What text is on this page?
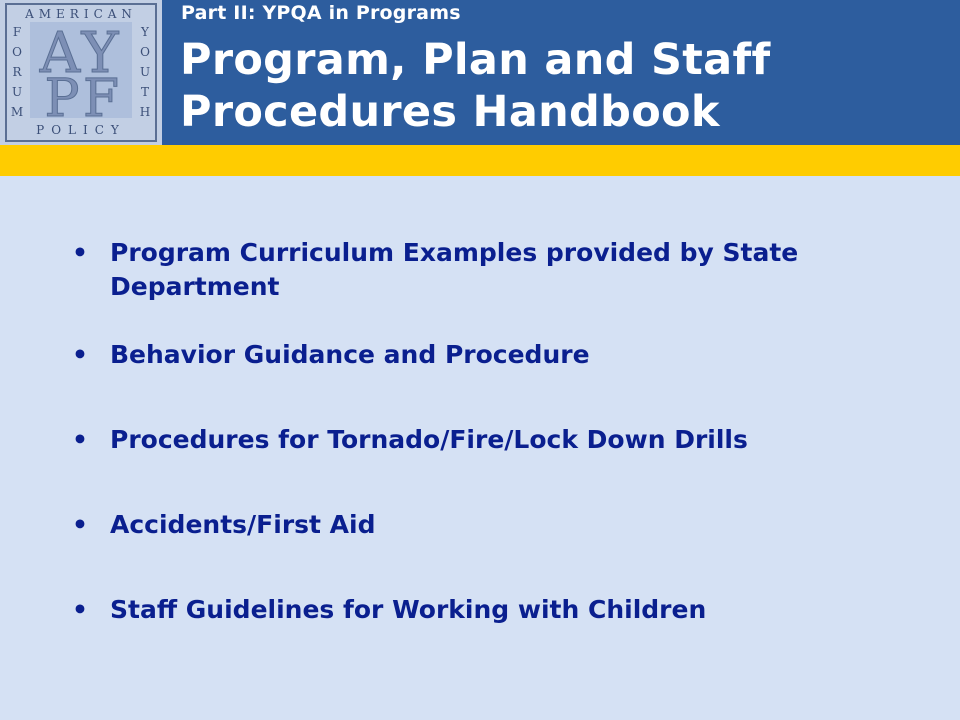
AMERICAN
POLICY
F
O
R
U
M
Y
O
U
T
H
A Y
P F
Part II: YPQA in Programs
Program, Plan and Staff Procedures Handbook
• Program Curriculum Examples provided by State Department
• Behavior Guidance and Procedure
• Procedures for Tornado/Fire/Lock Down Drills
• Accidents/First Aid
• Staff Guidelines for Working with Children
